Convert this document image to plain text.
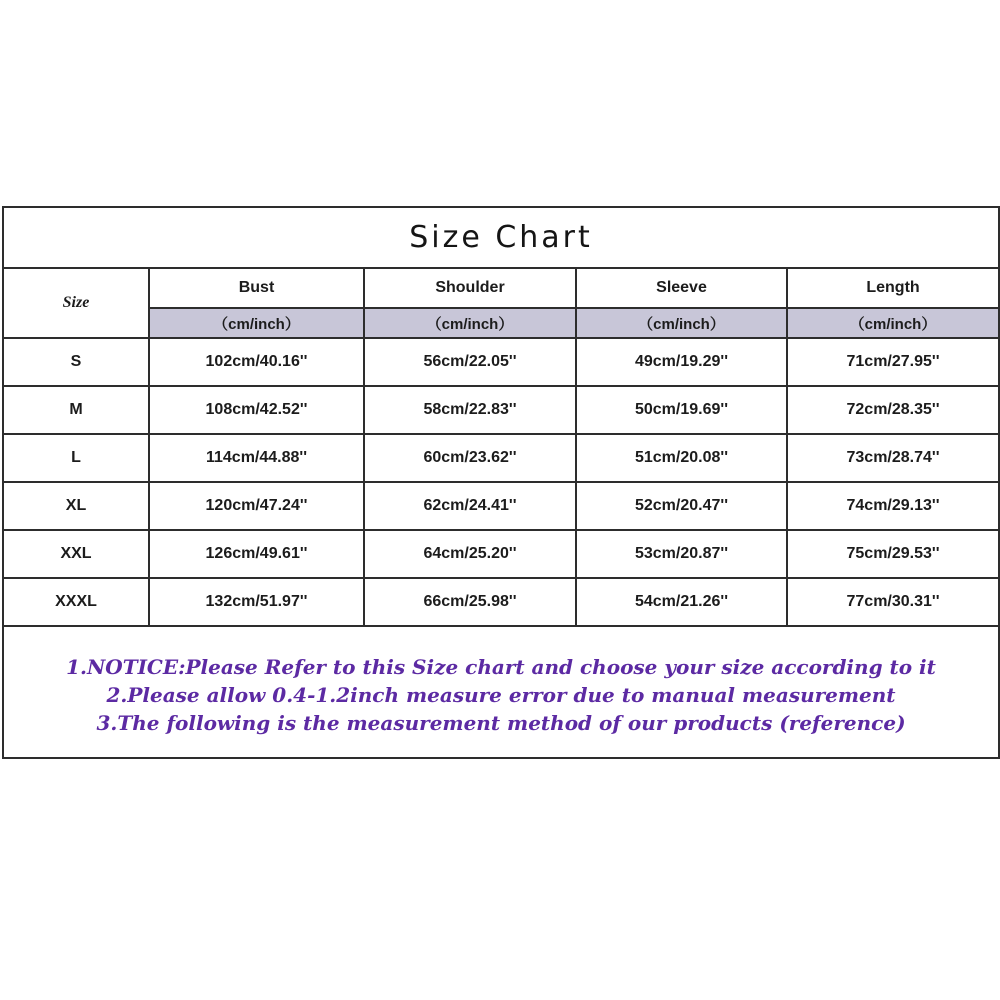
Size Chart				
Size	Bust	Shoulder	Sleeve	Length
	（cm/inch）	（cm/inch）	（cm/inch）	（cm/inch）
S	102cm/40.16''	56cm/22.05''	49cm/19.29''	71cm/27.95''
M	108cm/42.52''	58cm/22.83''	50cm/19.69''	72cm/28.35''
L	114cm/44.88''	60cm/23.62''	51cm/20.08''	73cm/28.74''
XL	120cm/47.24''	62cm/24.41''	52cm/20.47''	74cm/29.13''
XXL	126cm/49.61''	64cm/25.20''	53cm/20.87''	75cm/29.53''
XXXL	132cm/51.97''	66cm/25.98''	54cm/21.26''	77cm/30.31''

1.NOTICE:Please Refer to this Size chart and choose your size according to it
2.Please allow 0.4-1.2inch measure error due to manual measurement
3.The following is the measurement method of our products (reference)				
